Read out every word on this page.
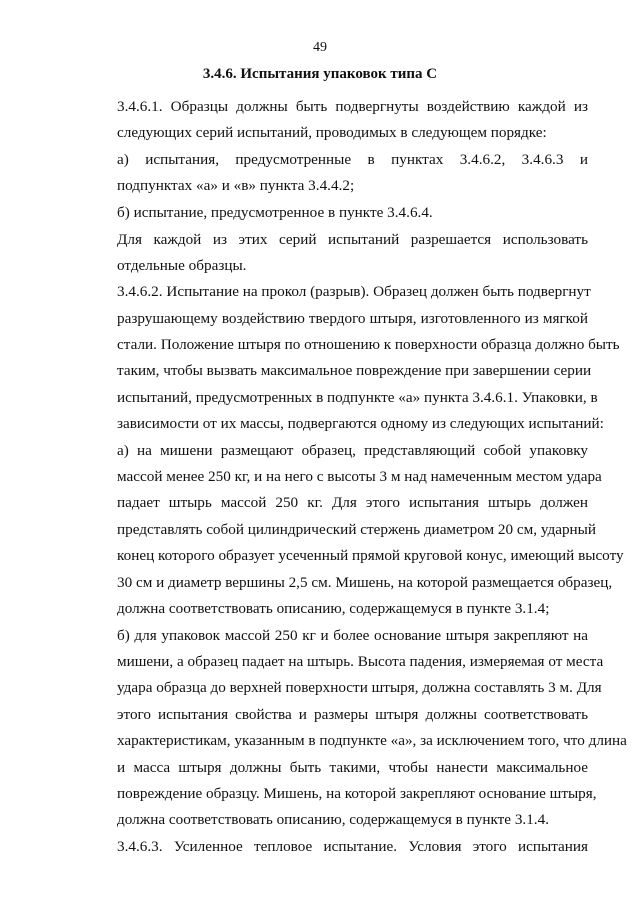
49
3.4.6. Испытания упаковок типа С
3.4.6.1. Образцы должны быть подвергнуты воздействию каждой из
следующих серий испытаний, проводимых в следующем порядке:
а) испытания, предусмотренные в пунктах 3.4.6.2, 3.4.6.3 и
подпунктах «а» и «в» пункта 3.4.4.2;
б) испытание, предусмотренное в пункте 3.4.6.4.
Для каждой из этих серий испытаний разрешается использовать
отдельные образцы.
3.4.6.2. Испытание на прокол (разрыв). Образец должен быть подвергнут
разрушающему воздействию твердого штыря, изготовленного из мягкой
стали. Положение штыря по отношению к поверхности образца должно быть
таким, чтобы вызвать максимальное повреждение при завершении серии
испытаний, предусмотренных в подпункте «а» пункта 3.4.6.1. Упаковки, в
зависимости от их массы, подвергаются одному из следующих испытаний:
а) на мишени размещают образец, представляющий собой упаковку
массой менее 250 кг, и на него с высоты 3 м над намеченным местом удара
падает штырь массой 250 кг. Для этого испытания штырь должен
представлять собой цилиндрический стержень диаметром 20 см, ударный
конец которого образует усеченный прямой круговой конус, имеющий высоту
30 см и диаметр вершины 2,5 см. Мишень, на которой размещается образец,
должна соответствовать описанию, содержащемуся в пункте 3.1.4;
б) для упаковок массой 250 кг и более основание штыря закрепляют на
мишени, а образец падает на штырь. Высота падения, измеряемая от места
удара образца до верхней поверхности штыря, должна составлять 3 м. Для
этого испытания свойства и размеры штыря должны соответствовать
характеристикам, указанным в подпункте «а», за исключением того, что длина
и масса штыря должны быть такими, чтобы нанести максимальное
повреждение образцу. Мишень, на которой закрепляют основание штыря,
должна соответствовать описанию, содержащемуся в пункте 3.1.4.
3.4.6.3. Усиленное тепловое испытание. Условия этого испытания
